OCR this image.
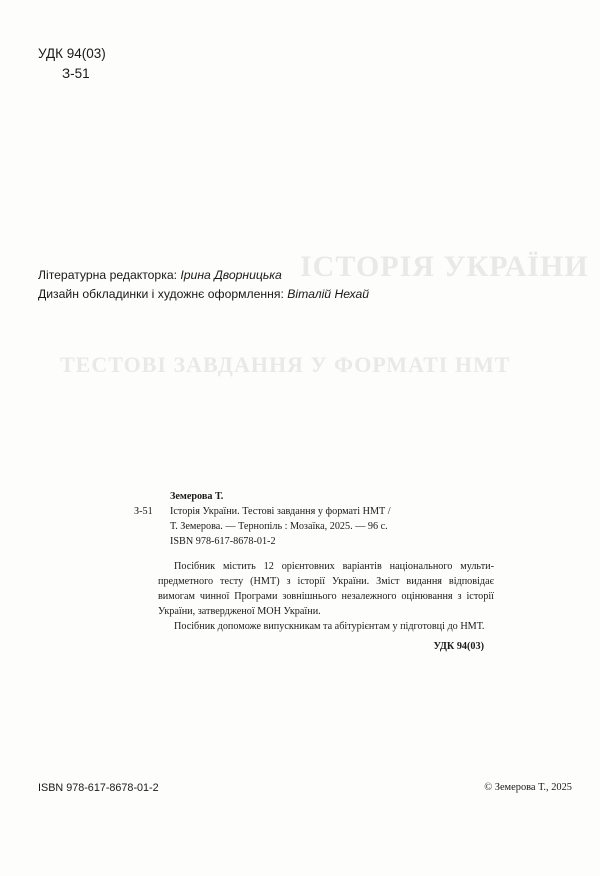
ІСТОРІЯ УКРАЇНИ
ТЕСТОВІ ЗАВДАННЯ У ФОРМАТІ НМТ
УДК 94(03)
З-51
Літературна редакторка: Ірина Дворницька
Дизайн обкладинки і художнє оформлення: Віталій Нехай
Земерова Т.
З-51	Історія України. Тестові завдання у форматі НМТ /
Т. Земерова. — Тернопіль : Мозаїка, 2025. — 96 с.
ISBN 978-617-8678-01-2

Посібник містить 12 орієнтовних варіантів національного мульти-предметного тесту (НМТ) з історії України. Зміст видання відповідає вимогам чинної Програми зовнішнього незалежного оцінювання з історії України, затвердженої МОН України.

Посібник допоможе випускникам та абітурієнтам у підготовці до НМТ.

УДК 94(03)
ISBN 978-617-8678-01-2	© Земерова Т., 2025
